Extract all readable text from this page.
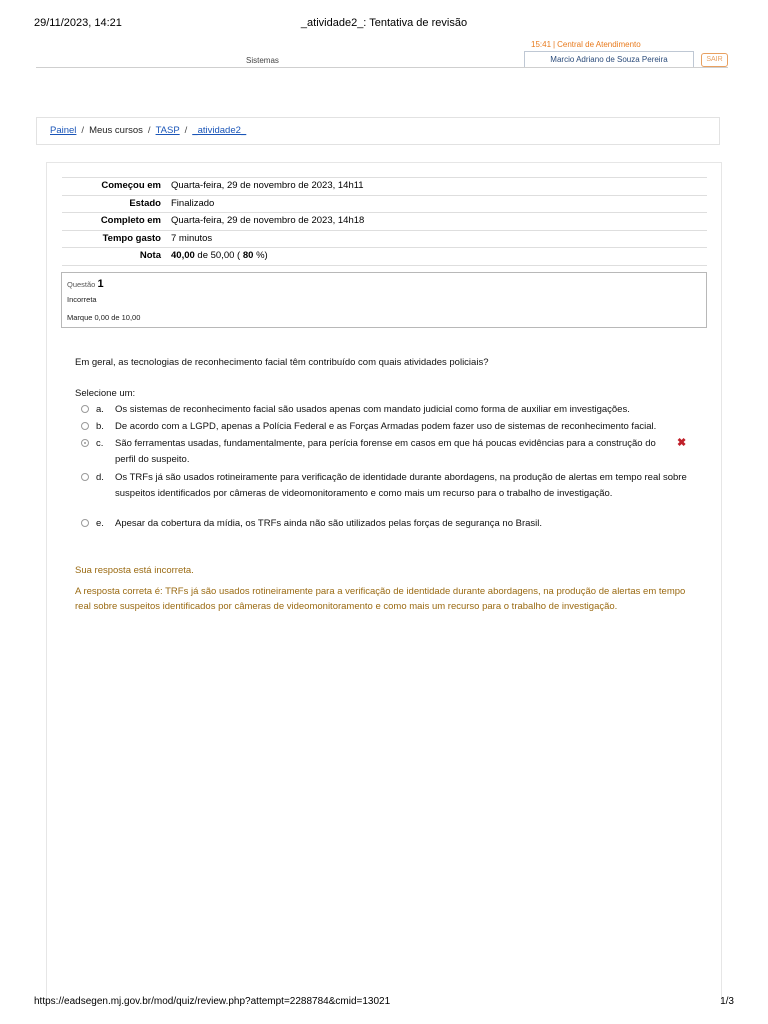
29/11/2023, 14:21	_atividade2_: Tentativa de revisão
15:41 | Central de Atendimento
Sistemas	Marcio Adriano de Souza Pereira	SAIR
Painel / Meus cursos / TASP / _atividade2_
Começou em Quarta-feira, 29 de novembro de 2023, 14h11
Estado Finalizado
Completo em Quarta-feira, 29 de novembro de 2023, 14h18
Tempo gasto 7 minutos
Nota 40,00 de 50,00 ( 80 %)
Questão 1
Incorreta
Marque 0,00 de 10,00
Em geral, as tecnologias de reconhecimento facial têm contribuído com quais atividades policiais?
Selecione um:
a. Os sistemas de reconhecimento facial são usados apenas com mandato judicial como forma de auxiliar em investigações.
b. De acordo com a LGPD, apenas a Polícia Federal e as Forças Armadas podem fazer uso de sistemas de reconhecimento facial.
c. São ferramentas usadas, fundamentalmente, para perícia forense em casos em que há poucas evidências para a construção do perfil do suspeito.
✖
d. Os TRFs já são usados rotineiramente para verificação de identidade durante abordagens, na produção de alertas em tempo real sobre suspeitos identificados por câmeras de videomonitoramento e como mais um recurso para o trabalho de investigação.
e. Apesar da cobertura da mídia, os TRFs ainda não são utilizados pelas forças de segurança no Brasil.
Sua resposta está incorreta.
A resposta correta é: TRFs já são usados rotineiramente para a verificação de identidade durante abordagens, na produção de alertas em tempo real sobre suspeitos identificados por câmeras de videomonitoramento e como mais um recurso para o trabalho de investigação.
https://eadsegen.mj.gov.br/mod/quiz/review.php?attempt=2288784&cmid=13021	1/3
